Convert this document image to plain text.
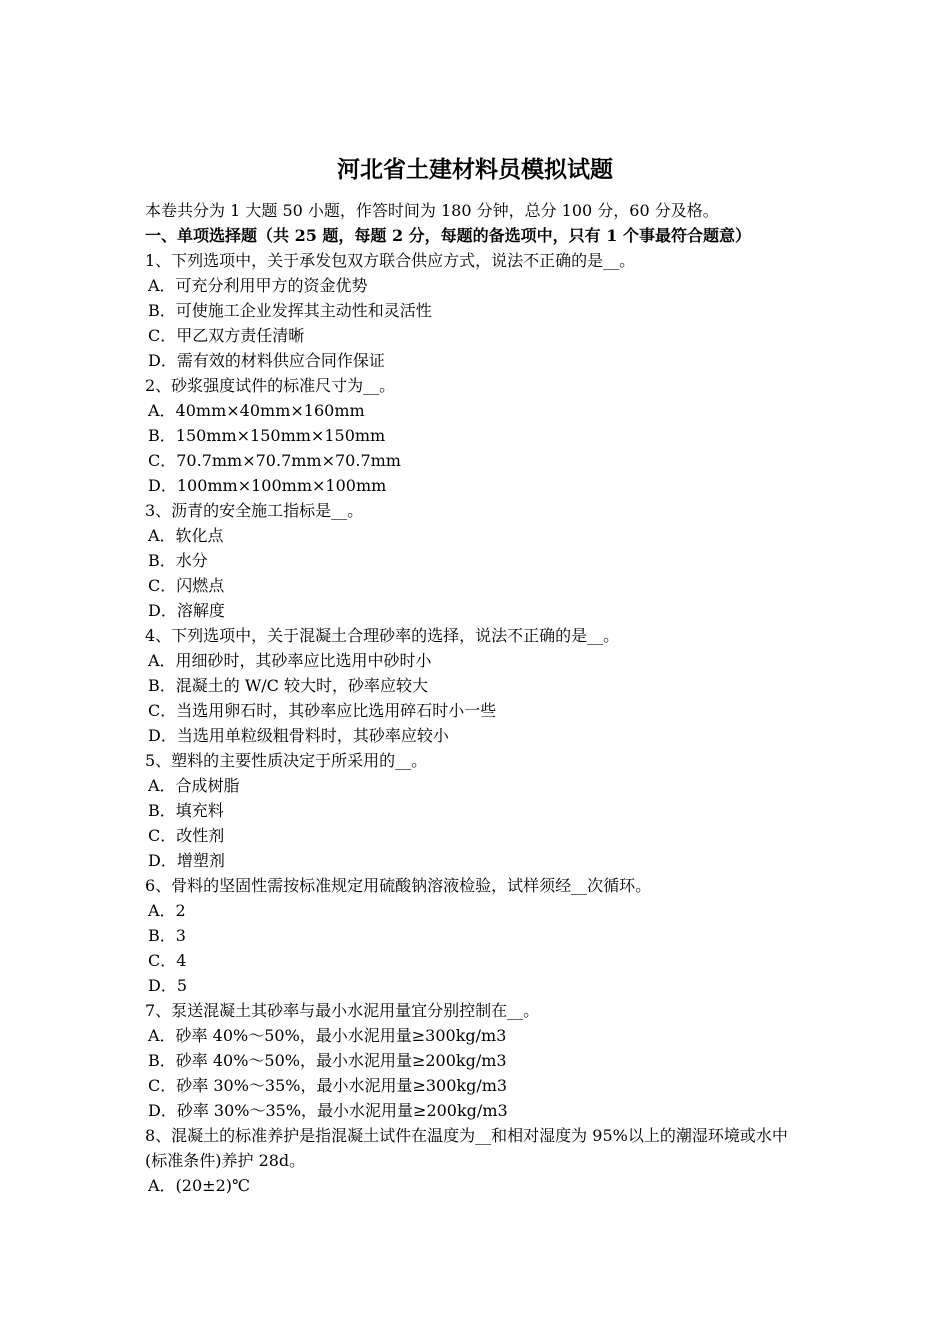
河北省土建材料员模拟试题
本卷共分为 1 大题 50 小题，作答时间为 180 分钟，总分 100 分，60 分及格。
一、单项选择题（共 25 题，每题 2 分，每题的备选项中，只有 1 个事最符合题意）
1、下列选项中，关于承发包双方联合供应方式，说法不正确的是__。
A．可充分利用甲方的资金优势
B．可使施工企业发挥其主动性和灵活性
C．甲乙双方责任清晰
D．需有效的材料供应合同作保证
2、砂浆强度试件的标准尺寸为__。
A．40mm×40mm×160mm
B．150mm×150mm×150mm
C．70.7mm×70.7mm×70.7mm
D．100mm×100mm×100mm
3、沥青的安全施工指标是__。
A．软化点
B．水分
C．闪燃点
D．溶解度
4、下列选项中，关于混凝土合理砂率的选择，说法不正确的是__。
A．用细砂时，其砂率应比选用中砂时小
B．混凝土的 W/C 较大时，砂率应较大
C．当选用卵石时，其砂率应比选用碎石时小一些
D．当选用单粒级粗骨料时，其砂率应较小
5、塑料的主要性质决定于所采用的__。
A．合成树脂
B．填充料
C．改性剂
D．增塑剂
6、骨料的坚固性需按标准规定用硫酸钠溶液检验，试样须经__次循环。
A．2
B．3
C．4
D．5
7、泵送混凝土其砂率与最小水泥用量宜分别控制在__。
A．砂率 40%～50%，最小水泥用量≥300kg/m3
B．砂率 40%～50%，最小水泥用量≥200kg/m3
C．砂率 30%～35%，最小水泥用量≥300kg/m3
D．砂率 30%～35%，最小水泥用量≥200kg/m3
8、混凝土的标准养护是指混凝土试件在温度为__和相对湿度为 95%以上的潮湿环境或水中(标准条件)养护 28d。
A．(20±2)℃
